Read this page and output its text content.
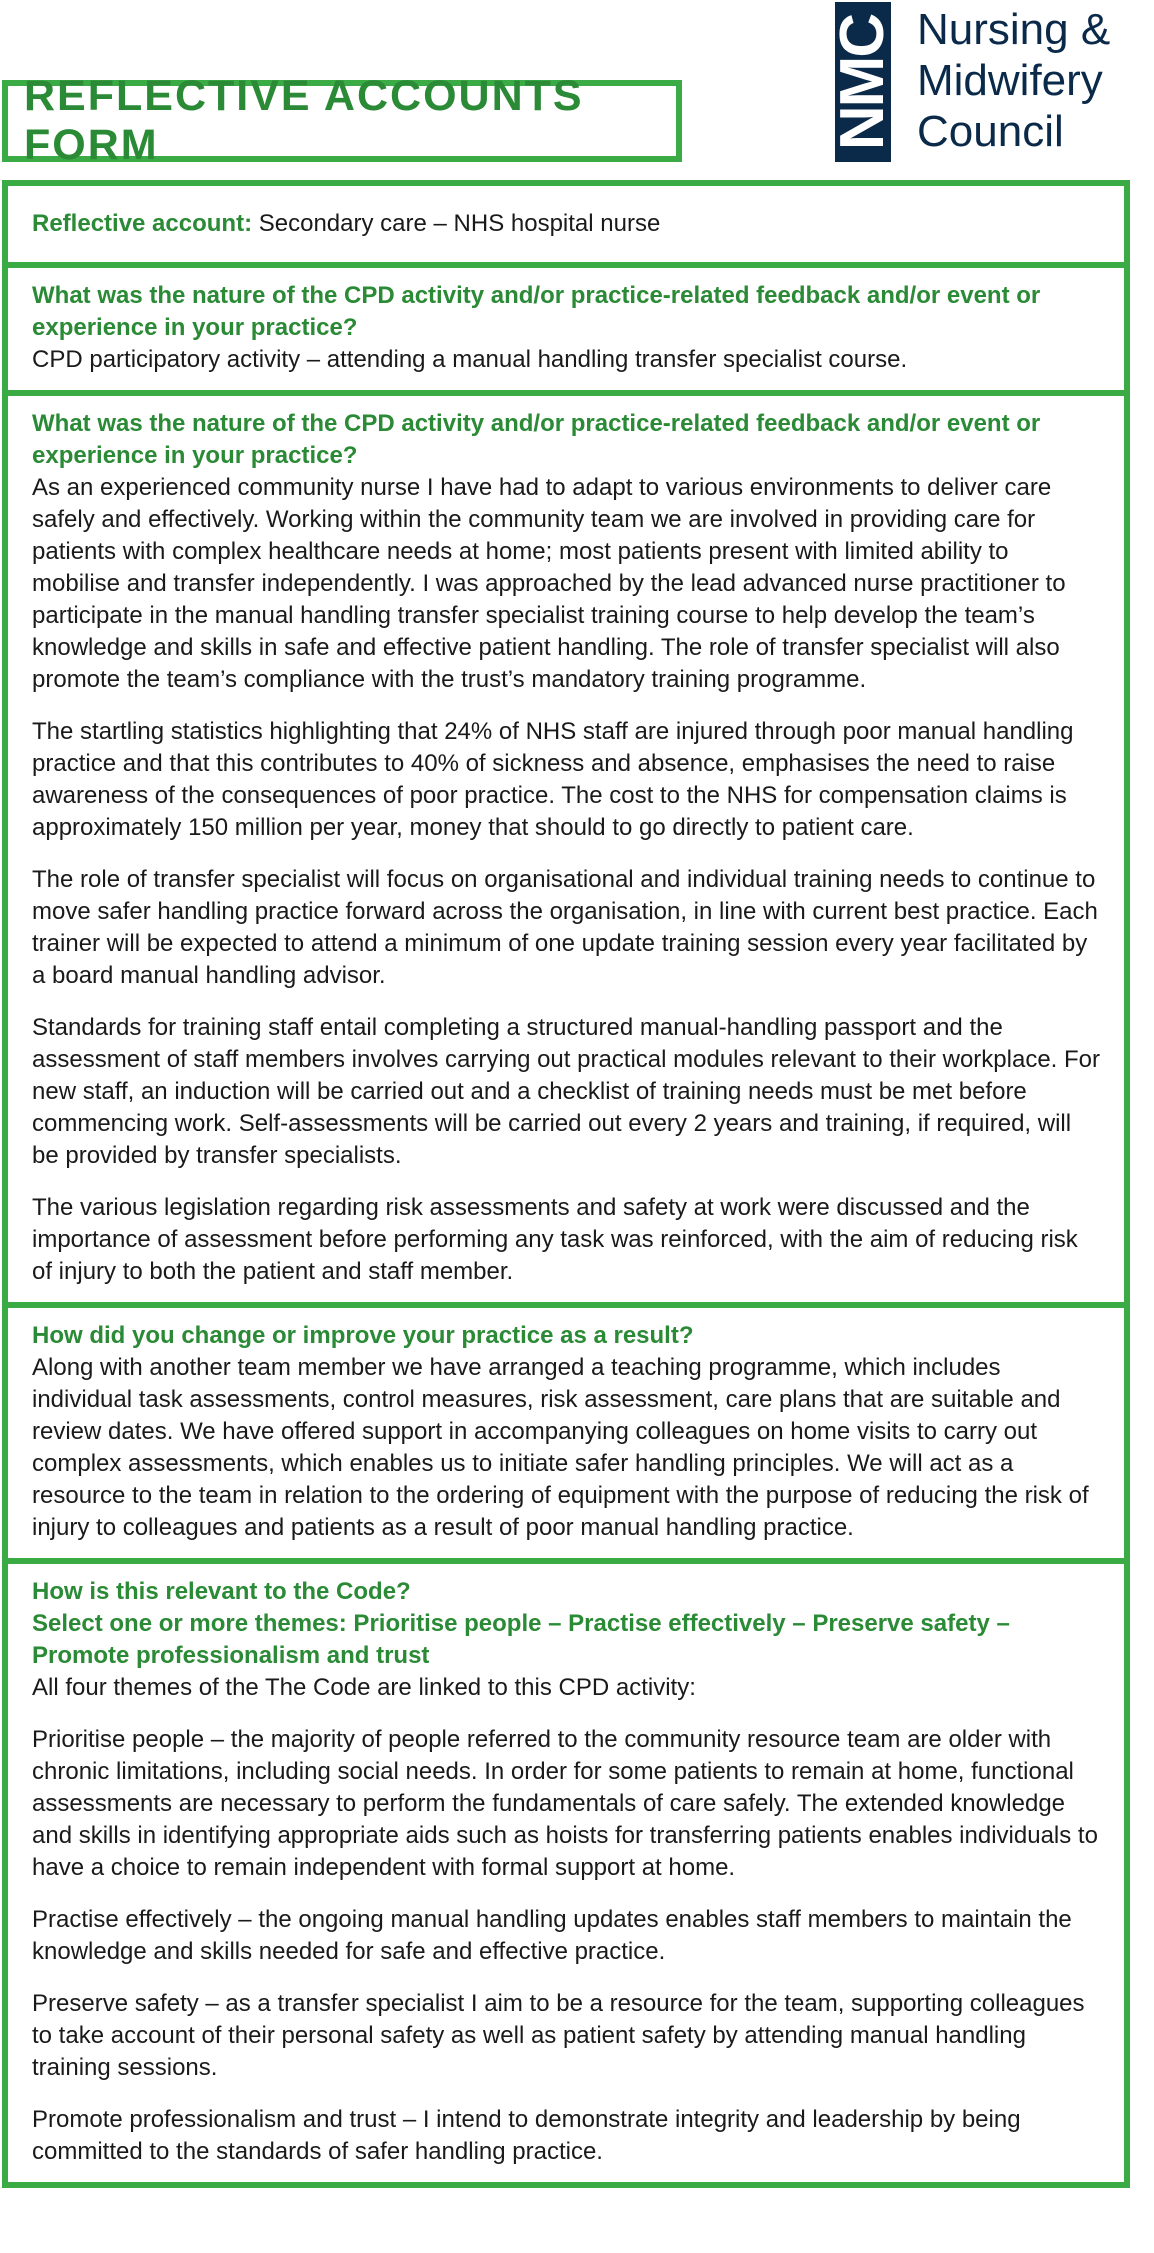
REFLECTIVE ACCOUNTS FORM	NMC Nursing &
Midwifery
Council
Reflective account: Secondary care – NHS hospital nurse
What was the nature of the CPD activity and/or practice-related feedback and/or event or experience in your practice?

CPD participatory activity – attending a manual handling transfer specialist course.

What was the nature of the CPD activity and/or practice-related feedback and/or event or experience in your practice?

As an experienced community nurse I have had to adapt to various environments to deliver care safely and effectively. Working within the community team we are involved in providing care for patients with complex healthcare needs at home; most patients present with limited ability to mobilise and transfer independently. I was approached by the lead advanced nurse practitioner to participate in the manual handling transfer specialist training course to help develop the team’s knowledge and skills in safe and effective patient handling. The role of transfer specialist will also promote the team’s compliance with the trust’s mandatory training programme.

The startling statistics highlighting that 24% of NHS staff are injured through poor manual handling practice and that this contributes to 40% of sickness and absence, emphasises the need to raise awareness of the consequences of poor practice. The cost to the NHS for compensation claims is approximately 150 million per year, money that should to go directly to patient care.

The role of transfer specialist will focus on organisational and individual training needs to continue to move safer handling practice forward across the organisation, in line with current best practice. Each trainer will be expected to attend a minimum of one update training session every year facilitated by a board manual handling advisor.

Standards for training staff entail completing a structured manual-handling passport and the assessment of staff members involves carrying out practical modules relevant to their workplace. For new staff, an induction will be carried out and a checklist of training needs must be met before commencing work. Self-assessments will be carried out every 2 years and training, if required, will be provided by transfer specialists.

The various legislation regarding risk assessments and safety at work were discussed and the importance of assessment before performing any task was reinforced, with the aim of reducing risk of injury to both the patient and staff member.

How did you change or improve your practice as a result?

Along with another team member we have arranged a teaching programme, which includes individual task assessments, control measures, risk assessment, care plans that are suitable and review dates. We have offered support in accompanying colleagues on home visits to carry out complex assessments, which enables us to initiate safer handling principles. We will act as a resource to the team in relation to the ordering of equipment with the purpose of reducing the risk of injury to colleagues and patients as a result of poor manual handling practice.

How is this relevant to the Code?
Select one or more themes: Prioritise people – Practise effectively – Preserve safety – Promote professionalism and trust

All four themes of the The Code are linked to this CPD activity:

Prioritise people – the majority of people referred to the community resource team are older with chronic limitations, including social needs. In order for some patients to remain at home, functional assessments are necessary to perform the fundamentals of care safely. The extended knowledge and skills in identifying appropriate aids such as hoists for transferring patients enables individuals to have a choice to remain independent with formal support at home.

Practise effectively – the ongoing manual handling updates enables staff members to maintain the knowledge and skills needed for safe and effective practice.

Preserve safety – as a transfer specialist I aim to be a resource for the team, supporting colleagues to take account of their personal safety as well as patient safety by attending manual handling training sessions.

Promote professionalism and trust – I intend to demonstrate integrity and leadership by being committed to the standards of safer handling practice.
